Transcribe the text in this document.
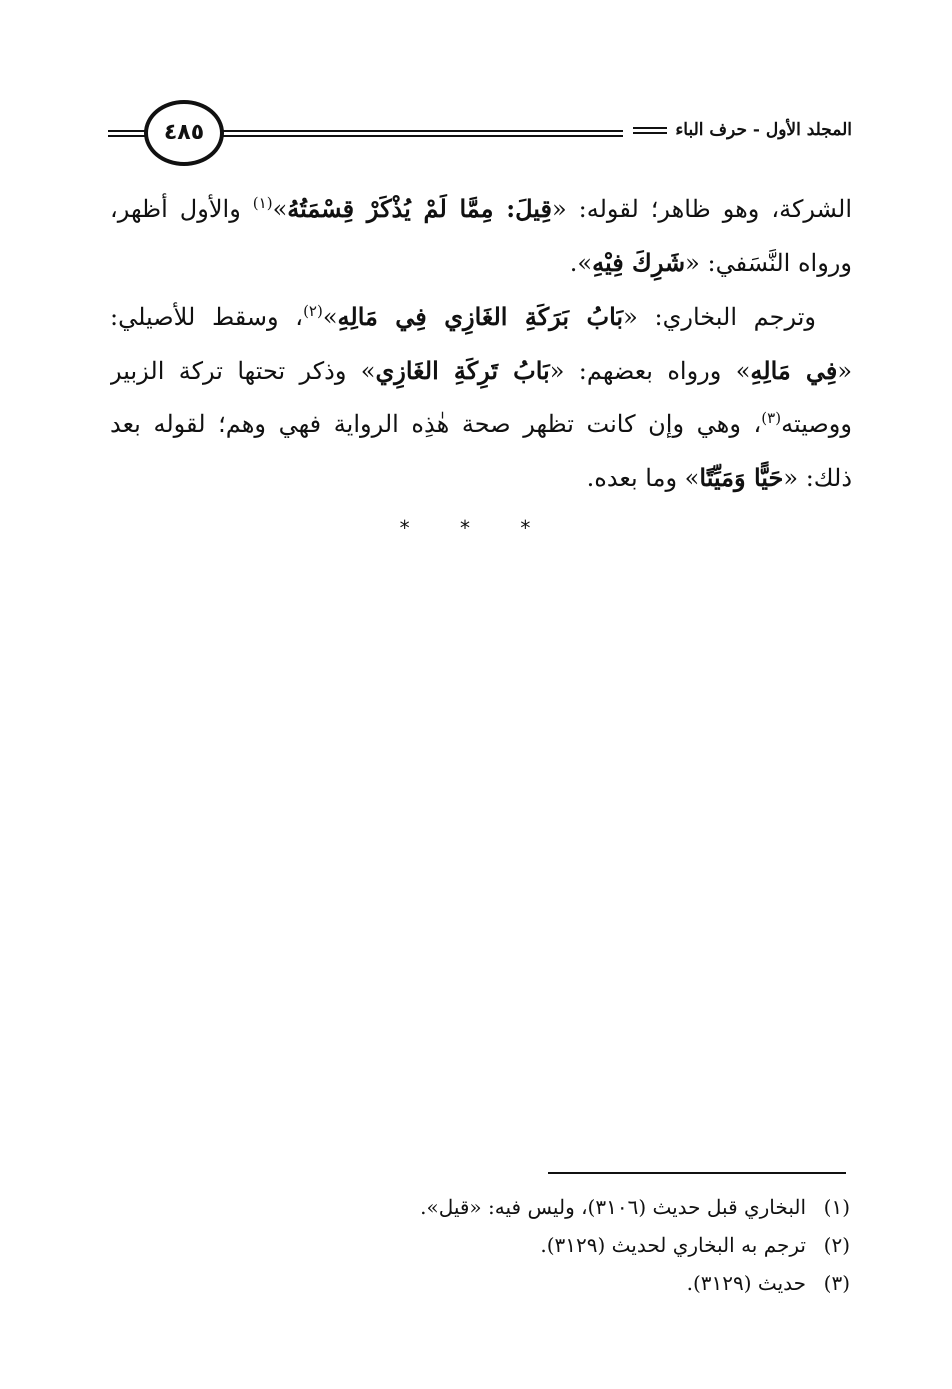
المجلد الأول - حرف الباء
٤٨٥
الشركة، وهو ظاهر؛ لقوله: «قِيلَ: مِمَّا لَمْ يُذْكَرْ قِسْمَتُهُ»$^{(١)}$ والأول أظهر،
ورواه النَّسَفي: «شَرِكَ فِيْهِ».
وترجم البخاري: «بَابُ بَرَكَةِ الغَازِي فِي مَالِهِ»$^{(٢)}$، وسقط للأصيلي:
«فِي مَالِهِ» ورواه بعضهم: «بَابُ تَرِكَةِ الغَازِي» وذكر تحتها تركة الزبير
ووصيته$^{(٣)}$، وهي وإن كانت تظهر صحة هٰذِه الرواية فهي وهم؛ لقوله بعد
ذلك: «حَيًّا وَمَيِّتًا» وما بعده.
* * *
(١)البخاري قبل حديث (٣١٠٦)، وليس فيه: «قيل».
(٢)ترجم به البخاري لحديث (٣١٢٩).
(٣)حديث (٣١٢٩).
